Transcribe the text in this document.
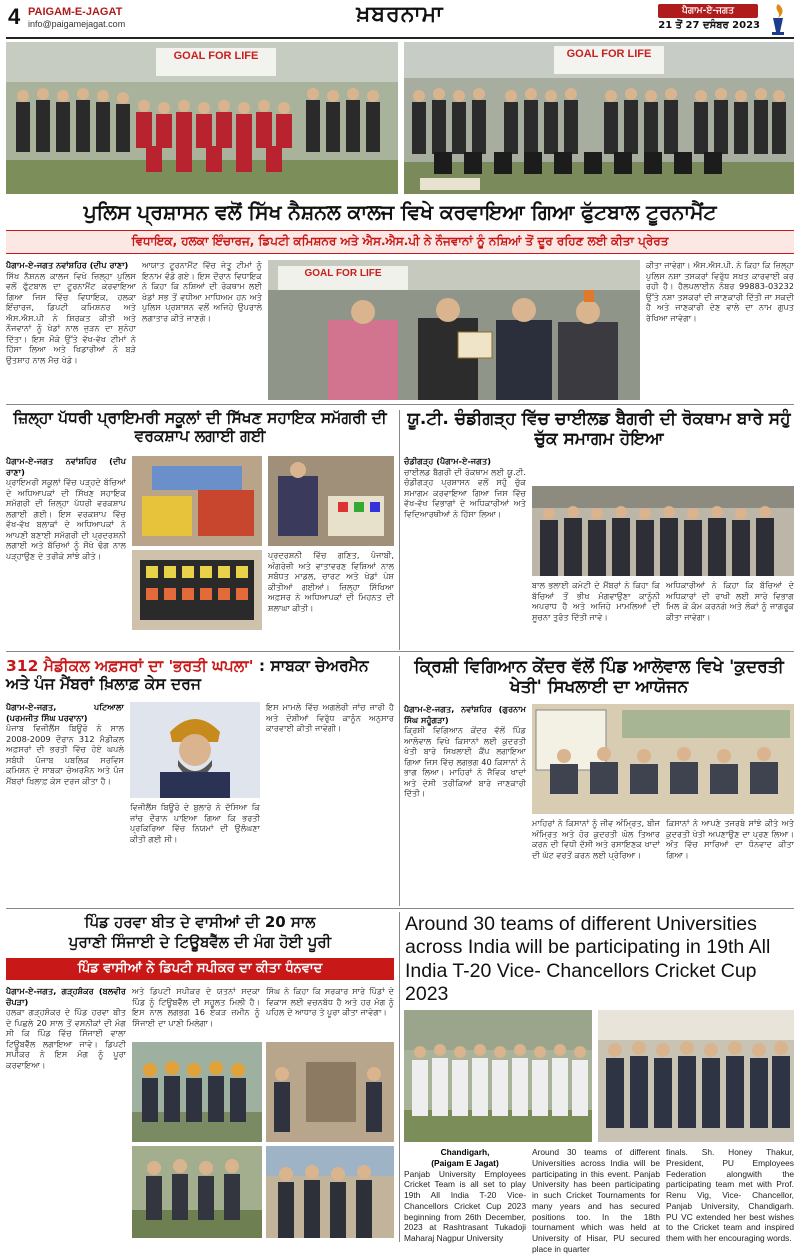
4 PAIGAM-E-JAGAT
info@paigamejagat.com	ਖ਼ਬਰਨਾਮਾ	ਪੈਗਾਮ-ਏ-ਜਗਤ
21 ਤੋਂ 27 ਦਸੰਬਰ 2023
GOAL FOR LIFE	GOAL FOR LIFE
ਪੁਲਿਸ ਪ੍ਰਸ਼ਾਸਨ ਵਲੋਂ ਸਿੱਖ ਨੈਸ਼ਨਲ ਕਾਲਜ ਵਿਖੇ ਕਰਵਾਇਆ ਗਿਆ ਫੁੱਟਬਾਲ ਟੂਰਨਾਮੈਂਟ
ਵਿਧਾਇਕ, ਹਲਕਾ ਇੰਚਾਰਜ, ਡਿਪਟੀ ਕਮਿਸ਼ਨਰ ਅਤੇ ਐਸ.ਐਸ.ਪੀ ਨੇ ਨੌਜਵਾਨਾਂ ਨੂੰ ਨਸ਼ਿਆਂ ਤੋਂ ਦੂਰ ਰਹਿਣ ਲਈ ਕੀਤਾ ਪ੍ਰੇਰਤ
ਪੈਗਾਮ-ਏ-ਜਗਤ ਨਵਾਂਸ਼ਹਿਰ (ਦੀਪ ਰਾਣਾ)
ਸਿੱਖ ਨੈਸ਼ਨਲ ਕਾਲਜ ਵਿਖੇ ਜ਼ਿਲ੍ਹਾ ਪੁਲਿਸ ਵਲੋਂ ਫੁੱਟਬਾਲ ਦਾ ਟੂਰਨਾਮੈਂਟ ਕਰਵਾਇਆ ਗਿਆ ਜਿਸ ਵਿੱਚ ਵਿਧਾਇਕ, ਹਲਕਾ ਇੰਚਾਰਜ, ਡਿਪਟੀ ਕਮਿਸ਼ਨਰ ਅਤੇ ਐਸ.ਐਸ.ਪੀ ਨੇ ਸ਼ਿਰਕਤ ਕੀਤੀ ਅਤੇ ਨੌਜਵਾਨਾਂ ਨੂੰ ਖੇਡਾਂ ਨਾਲ ਜੁੜਨ ਦਾ ਸੁਨੇਹਾ ਦਿੱਤਾ। ਇਸ ਮੌਕੇ ਉੱਤੇ ਵੱਖ-ਵੱਖ ਟੀਮਾਂ ਨੇ ਹਿੱਸਾ ਲਿਆ ਅਤੇ ਖਿਡਾਰੀਆਂ ਨੇ ਬੜੇ ਉਤਸ਼ਾਹ ਨਾਲ ਮੈਚ ਖੇਡੇ।
ਆਯਾਤ ਟੂਰਨਾਮੈਂਟ ਵਿੱਚ ਜੇਤੂ ਟੀਮਾਂ ਨੂੰ ਇਨਾਮ ਵੰਡੇ ਗਏ। ਇਸ ਦੌਰਾਨ ਵਿਧਾਇਕ ਨੇ ਕਿਹਾ ਕਿ ਨਸ਼ਿਆਂ ਦੀ ਰੋਕਥਾਮ ਲਈ ਖੇਡਾਂ ਸਭ ਤੋਂ ਵਧੀਆ ਮਾਧਿਅਮ ਹਨ ਅਤੇ ਪੁਲਿਸ ਪ੍ਰਸ਼ਾਸਨ ਵਲੋਂ ਅਜਿਹੇ ਉਪਰਾਲੇ ਲਗਾਤਾਰ ਕੀਤੇ ਜਾਣਗੇ।
GOAL FOR LIFE
ਕੀਤਾ ਜਾਵੇਗਾ। ਐਸ.ਐਸ.ਪੀ. ਨੇ ਕਿਹਾ ਕਿ ਜ਼ਿਲ੍ਹਾ ਪੁਲਿਸ ਨਸ਼ਾ ਤਸਕਰਾਂ ਵਿਰੁੱਧ ਸਖ਼ਤ ਕਾਰਵਾਈ ਕਰ ਰਹੀ ਹੈ। ਹੈਲਪਲਾਈਨ ਨੰਬਰ 99883-03232 ਉੱਤੇ ਨਸ਼ਾ ਤਸਕਰਾਂ ਦੀ ਜਾਣਕਾਰੀ ਦਿੱਤੀ ਜਾ ਸਕਦੀ ਹੈ ਅਤੇ ਜਾਣਕਾਰੀ ਦੇਣ ਵਾਲੇ ਦਾ ਨਾਮ ਗੁਪਤ ਰੱਖਿਆ ਜਾਵੇਗਾ।
ਜ਼ਿਲ੍ਹਾ ਪੱਧਰੀ ਪ੍ਰਾਇਮਰੀ ਸਕੂਲਾਂ ਦੀ ਸਿੱਖਣ ਸਹਾਇਕ ਸਮੱਗਰੀ ਦੀ ਵਰਕਸ਼ਾਪ ਲਗਾਈ ਗਈ
ਪੈਗਾਮ-ਏ-ਜਗਤ ਨਵਾਂਸ਼ਹਿਰ (ਦੀਪ ਰਾਣਾ)
ਪ੍ਰਾਇਮਰੀ ਸਕੂਲਾਂ ਵਿੱਚ ਪੜ੍ਹਦੇ ਬੱਚਿਆਂ ਦੇ ਅਧਿਆਪਕਾਂ ਦੀ ਸਿੱਖਣ ਸਹਾਇਕ ਸਮੱਗਰੀ ਦੀ ਜ਼ਿਲ੍ਹਾ ਪੱਧਰੀ ਵਰਕਸ਼ਾਪ ਲਗਾਈ ਗਈ। ਇਸ ਵਰਕਸ਼ਾਪ ਵਿੱਚ ਵੱਖ-ਵੱਖ ਬਲਾਕਾਂ ਦੇ ਅਧਿਆਪਕਾਂ ਨੇ ਆਪਣੀ ਬਣਾਈ ਸਮੱਗਰੀ ਦੀ ਪ੍ਰਦਰਸ਼ਨੀ ਲਗਾਈ ਅਤੇ ਬੱਚਿਆਂ ਨੂੰ ਸੌਖੇ ਢੰਗ ਨਾਲ ਪੜ੍ਹਾਉਣ ਦੇ ਤਰੀਕੇ ਸਾਂਝੇ ਕੀਤੇ।	ਪ੍ਰਦਰਸ਼ਨੀ ਵਿੱਚ ਗਣਿਤ, ਪੰਜਾਬੀ, ਅੰਗਰੇਜ਼ੀ ਅਤੇ ਵਾਤਾਵਰਣ ਵਿਸ਼ਿਆਂ ਨਾਲ ਸਬੰਧਤ ਮਾਡਲ, ਚਾਰਟ ਅਤੇ ਖੇਡਾਂ ਪੇਸ਼ ਕੀਤੀਆਂ ਗਈਆਂ। ਜ਼ਿਲ੍ਹਾ ਸਿੱਖਿਆ ਅਫ਼ਸਰ ਨੇ ਅਧਿਆਪਕਾਂ ਦੀ ਮਿਹਨਤ ਦੀ ਸ਼ਲਾਘਾ ਕੀਤੀ।
ਯੂ.ਟੀ. ਚੰਡੀਗੜ੍ਹ ਵਿੱਚ ਚਾਈਲਡ ਬੈਗਰੀ ਦੀ ਰੋਕਥਾਮ ਬਾਰੇ ਸਹੁੰ ਚੁੱਕ ਸਮਾਗਮ ਹੋਇਆ
ਚੰਡੀਗੜ੍ਹ (ਪੈਗਾਮ-ਏ-ਜਗਤ)
ਚਾਈਲਡ ਬੈਗਰੀ ਦੀ ਰੋਕਥਾਮ ਲਈ ਯੂ.ਟੀ. ਚੰਡੀਗੜ੍ਹ ਪ੍ਰਸ਼ਾਸਨ ਵਲੋਂ ਸਹੁੰ ਚੁੱਕ ਸਮਾਗਮ ਕਰਵਾਇਆ ਗਿਆ ਜਿਸ ਵਿੱਚ ਵੱਖ-ਵੱਖ ਵਿਭਾਗਾਂ ਦੇ ਅਧਿਕਾਰੀਆਂ ਅਤੇ ਵਿਦਿਆਰਥੀਆਂ ਨੇ ਹਿੱਸਾ ਲਿਆ।
ਬਾਲ ਭਲਾਈ ਕਮੇਟੀ ਦੇ ਮੈਂਬਰਾਂ ਨੇ ਕਿਹਾ ਕਿ ਬੱਚਿਆਂ ਤੋਂ ਭੀਖ ਮੰਗਵਾਉਣਾ ਕਾਨੂੰਨੀ ਅਪਰਾਧ ਹੈ ਅਤੇ ਅਜਿਹੇ ਮਾਮਲਿਆਂ ਦੀ ਸੂਚਨਾ ਤੁਰੰਤ ਦਿੱਤੀ ਜਾਵੇ।
ਅਧਿਕਾਰੀਆਂ ਨੇ ਕਿਹਾ ਕਿ ਬੱਚਿਆਂ ਦੇ ਅਧਿਕਾਰਾਂ ਦੀ ਰਾਖੀ ਲਈ ਸਾਰੇ ਵਿਭਾਗ ਮਿਲ ਕੇ ਕੰਮ ਕਰਨਗੇ ਅਤੇ ਲੋਕਾਂ ਨੂੰ ਜਾਗਰੂਕ ਕੀਤਾ ਜਾਵੇਗਾ।
312 ਮੈਡੀਕਲ ਅਫ਼ਸਰਾਂ ਦਾ 'ਭਰਤੀ ਘਪਲਾ' : ਸਾਬਕਾ ਚੇਅਰਮੈਨ ਅਤੇ ਪੰਜ ਮੈਂਬਰਾਂ ਖ਼ਿਲਾਫ਼ ਕੇਸ ਦਰਜ
ਪੈਗਾਮ-ਏ-ਜਗਤ, ਪਟਿਆਲਾ (ਪਰਮਜੀਤ ਸਿੰਘ ਪਰਵਾਨਾ)
ਪੰਜਾਬ ਵਿਜੀਲੈਂਸ ਬਿਊਰੋ ਨੇ ਸਾਲ 2008-2009 ਦੌਰਾਨ 312 ਮੈਡੀਕਲ ਅਫ਼ਸਰਾਂ ਦੀ ਭਰਤੀ ਵਿੱਚ ਹੋਏ ਘਪਲੇ ਸਬੰਧੀ ਪੰਜਾਬ ਪਬਲਿਕ ਸਰਵਿਸ ਕਮਿਸ਼ਨ ਦੇ ਸਾਬਕਾ ਚੇਅਰਮੈਨ ਅਤੇ ਪੰਜ ਮੈਂਬਰਾਂ ਖ਼ਿਲਾਫ਼ ਕੇਸ ਦਰਜ ਕੀਤਾ ਹੈ।
ਵਿਜੀਲੈਂਸ ਬਿਊਰੋ ਦੇ ਬੁਲਾਰੇ ਨੇ ਦੱਸਿਆ ਕਿ ਜਾਂਚ ਦੌਰਾਨ ਪਾਇਆ ਗਿਆ ਕਿ ਭਰਤੀ ਪ੍ਰਕਿਰਿਆ ਵਿੱਚ ਨਿਯਮਾਂ ਦੀ ਉਲੰਘਣਾ ਕੀਤੀ ਗਈ ਸੀ।
ਇਸ ਮਾਮਲੇ ਵਿੱਚ ਅਗਲੇਰੀ ਜਾਂਚ ਜਾਰੀ ਹੈ ਅਤੇ ਦੋਸ਼ੀਆਂ ਵਿਰੁੱਧ ਕਾਨੂੰਨ ਅਨੁਸਾਰ ਕਾਰਵਾਈ ਕੀਤੀ ਜਾਵੇਗੀ।
ਕ੍ਰਿਸ਼ੀ ਵਿਗਿਆਨ ਕੇਂਦਰ ਵੱਲੋਂ ਪਿੰਡ ਆਲੋਵਾਲ ਵਿਖੇ 'ਕੁਦਰਤੀ ਖੇਤੀ' ਸਿਖਲਾਈ ਦਾ ਆਯੋਜਨ
ਪੈਗਾਮ-ਏ-ਜਗਤ, ਨਵਾਂਸ਼ਹਿਰ (ਗੁਰਨਾਮ ਸਿੰਘ ਸਹੂੰਗੜਾ)
ਕ੍ਰਿਸ਼ੀ ਵਿਗਿਆਨ ਕੇਂਦਰ ਵੱਲੋਂ ਪਿੰਡ ਆਲੋਵਾਲ ਵਿਖੇ ਕਿਸਾਨਾਂ ਲਈ ਕੁਦਰਤੀ ਖੇਤੀ ਬਾਰੇ ਸਿਖਲਾਈ ਕੈਂਪ ਲਗਾਇਆ ਗਿਆ ਜਿਸ ਵਿੱਚ ਲਗਭਗ 40 ਕਿਸਾਨਾਂ ਨੇ ਭਾਗ ਲਿਆ। ਮਾਹਿਰਾਂ ਨੇ ਜੈਵਿਕ ਖਾਦਾਂ ਅਤੇ ਦੇਸੀ ਤਰੀਕਿਆਂ ਬਾਰੇ ਜਾਣਕਾਰੀ ਦਿੱਤੀ।
ਮਾਹਿਰਾਂ ਨੇ ਕਿਸਾਨਾਂ ਨੂੰ ਜੀਵ ਅੰਮ੍ਰਿਤ, ਬੀਜ ਅੰਮ੍ਰਿਤ ਅਤੇ ਹੋਰ ਕੁਦਰਤੀ ਘੋਲ ਤਿਆਰ ਕਰਨ ਦੀ ਵਿਧੀ ਦੱਸੀ ਅਤੇ ਰਸਾਇਣਕ ਖਾਦਾਂ ਦੀ ਘੱਟ ਵਰਤੋਂ ਕਰਨ ਲਈ ਪ੍ਰੇਰਿਆ।
ਕਿਸਾਨਾਂ ਨੇ ਆਪਣੇ ਤਜਰਬੇ ਸਾਂਝੇ ਕੀਤੇ ਅਤੇ ਕੁਦਰਤੀ ਖੇਤੀ ਅਪਣਾਉਣ ਦਾ ਪ੍ਰਣ ਲਿਆ। ਅੰਤ ਵਿੱਚ ਸਾਰਿਆਂ ਦਾ ਧੰਨਵਾਦ ਕੀਤਾ ਗਿਆ।
ਪਿੰਡ ਹਰਵਾ ਬੀਤ ਦੇ ਵਾਸੀਆਂ ਦੀ 20 ਸਾਲ
ਪੁਰਾਣੀ ਸਿੰਜਾਈ ਦੇ ਟਿਊਬਵੈੱਲ ਦੀ ਮੰਗ ਹੋਈ ਪੂਰੀ
ਪਿੰਡ ਵਾਸੀਆਂ ਨੇ ਡਿਪਟੀ ਸਪੀਕਰ ਦਾ ਕੀਤਾ ਧੰਨਵਾਦ
ਪੈਗਾਮ-ਏ-ਜਗਤ, ਗੜ੍ਹਸ਼ੰਕਰ (ਬਲਵੀਰ ਚੌਪੜਾ)
ਹਲਕਾ ਗੜ੍ਹਸ਼ੰਕਰ ਦੇ ਪਿੰਡ ਹਰਵਾ ਬੀਤ ਦੇ ਪਿਛਲੇ 20 ਸਾਲ ਤੋਂ ਵਸਨੀਕਾਂ ਦੀ ਮੰਗ ਸੀ ਕਿ ਪਿੰਡ ਵਿੱਚ ਸਿੰਜਾਈ ਵਾਲਾ ਟਿਊਬਵੈੱਲ ਲਗਾਇਆ ਜਾਵੇ। ਡਿਪਟੀ ਸਪੀਕਰ ਨੇ ਇਸ ਮੰਗ ਨੂੰ ਪੂਰਾ ਕਰਵਾਇਆ।
ਅਤੇ ਡਿਪਟੀ ਸਪੀਕਰ ਦੇ ਯਤਨਾਂ ਸਦਕਾ ਪਿੰਡ ਨੂੰ ਟਿਊਬਵੈੱਲ ਦੀ ਸਹੂਲਤ ਮਿਲੀ ਹੈ। ਇਸ ਨਾਲ ਲਗਭਗ 16 ਏਕੜ ਜ਼ਮੀਨ ਨੂੰ ਸਿੰਜਾਈ ਦਾ ਪਾਣੀ ਮਿਲੇਗਾ।
ਸਿੰਘ ਨੇ ਕਿਹਾ ਕਿ ਸਰਕਾਰ ਸਾਰੇ ਪਿੰਡਾਂ ਦੇ ਵਿਕਾਸ ਲਈ ਵਚਨਬੱਧ ਹੈ ਅਤੇ ਹਰ ਮੰਗ ਨੂੰ ਪਹਿਲ ਦੇ ਆਧਾਰ ਤੇ ਪੂਰਾ ਕੀਤਾ ਜਾਵੇਗਾ।
Around 30 teams of different Universities across India will be participating in 19th All India T-20 Vice- Chancellors Cricket Cup 2023
Chandigarh,
(Paigam E Jagat)
Panjab University Employees Cricket Team is all set to play 19th All India T-20 Vice- Chancellors Cricket Cup 2023 beginning from 26th December, 2023 at Rashtrasant Tukadoji Maharaj Nagpur University
Around 30 teams of different Universities across India will be participating in this event. Panjab University has been participating in such Cricket Tournaments for many years and has secured positions too. In the 18th tournament which was held at University of Hisar, PU secured place in quarter
finals. Sh. Honey Thakur, President, PU Employees Federation alongwith the participating team met with Prof. Renu Vig, Vice- Chancellor, Panjab University, Chandigarh. PU VC extended her best wishes to the Cricket team and inspired them with her encouraging words.
